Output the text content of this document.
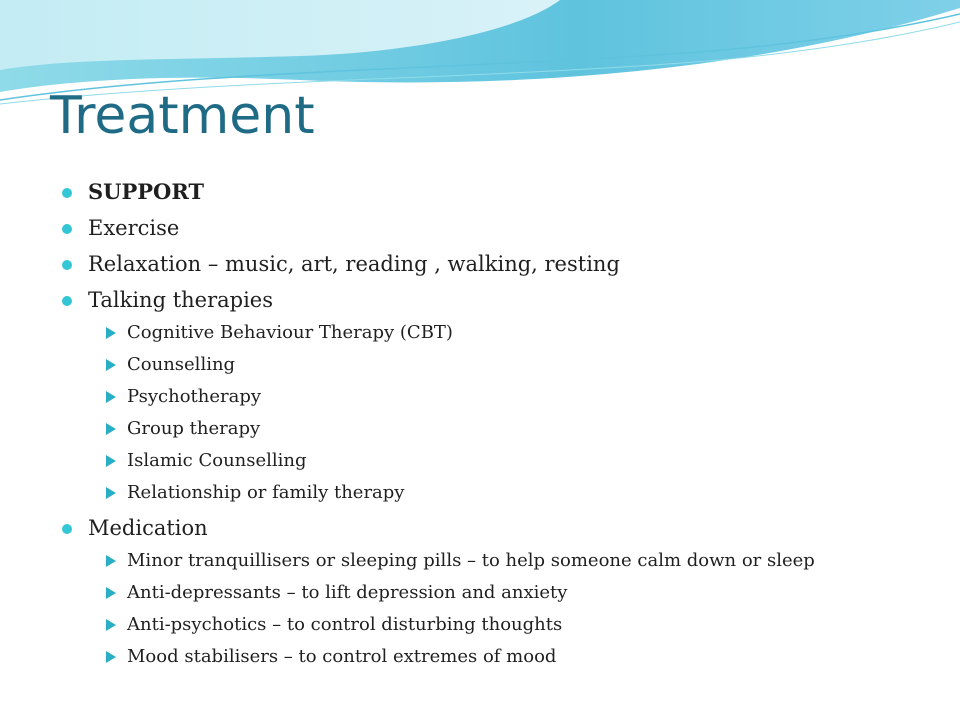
Treatment
SUPPORT
Exercise
Relaxation – music, art, reading , walking, resting
Talking therapies
Cognitive Behaviour Therapy (CBT)
Counselling
Psychotherapy
Group therapy
Islamic Counselling
Relationship or family therapy
Medication
Minor tranquillisers or sleeping pills – to help someone calm down or sleep
Anti-depressants – to lift depression and anxiety
Anti-psychotics – to control disturbing thoughts
Mood stabilisers – to control extremes of mood
